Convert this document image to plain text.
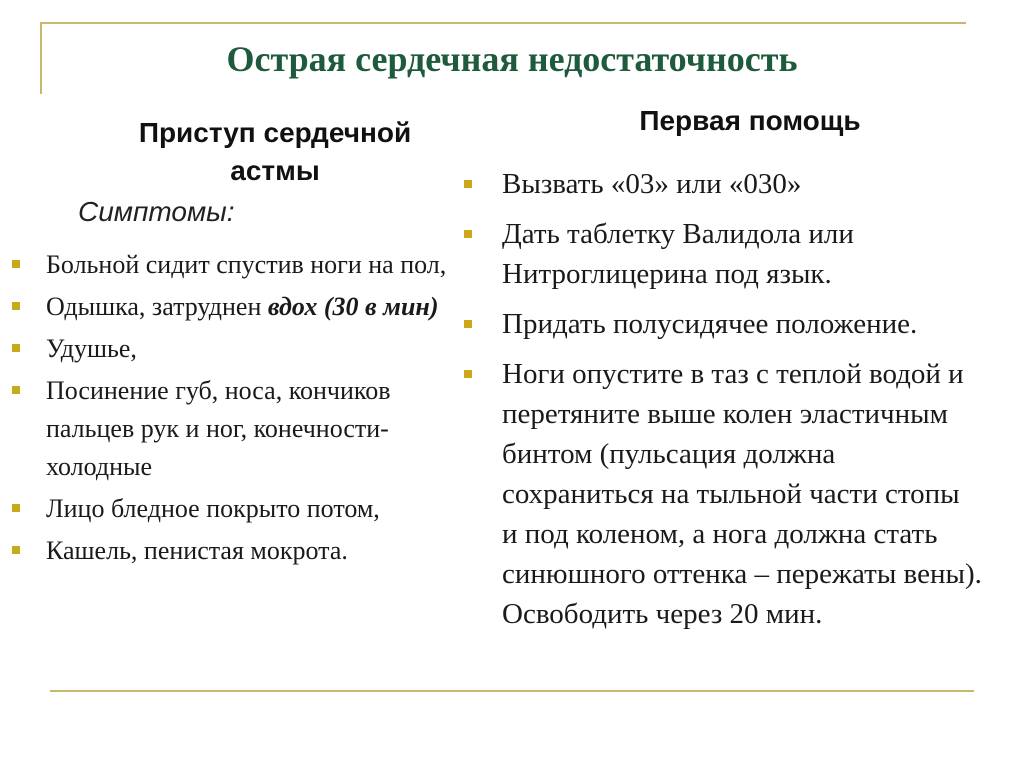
Острая сердечная недостаточность
Приступ сердечной астмы
Симптомы:
Больной сидит спустив ноги на пол,
Одышка, затруднен вдох (30 в мин)
Удушье,
Посинение губ, носа, кончиков пальцев рук и ног, конечности-холодные
Лицо бледное покрыто потом,
Кашель, пенистая мокрота.
Первая помощь
Вызвать «03» или «030»
Дать таблетку Валидола или Нитроглицерина под язык.
Придать полусидячее положение.
Ноги опустите в таз с теплой водой и перетяните выше колен эластичным бинтом (пульсация должна сохраниться на тыльной части стопы и под коленом, а нога должна стать синюшного оттенка – пережаты вены). Освободить через 20 мин.
